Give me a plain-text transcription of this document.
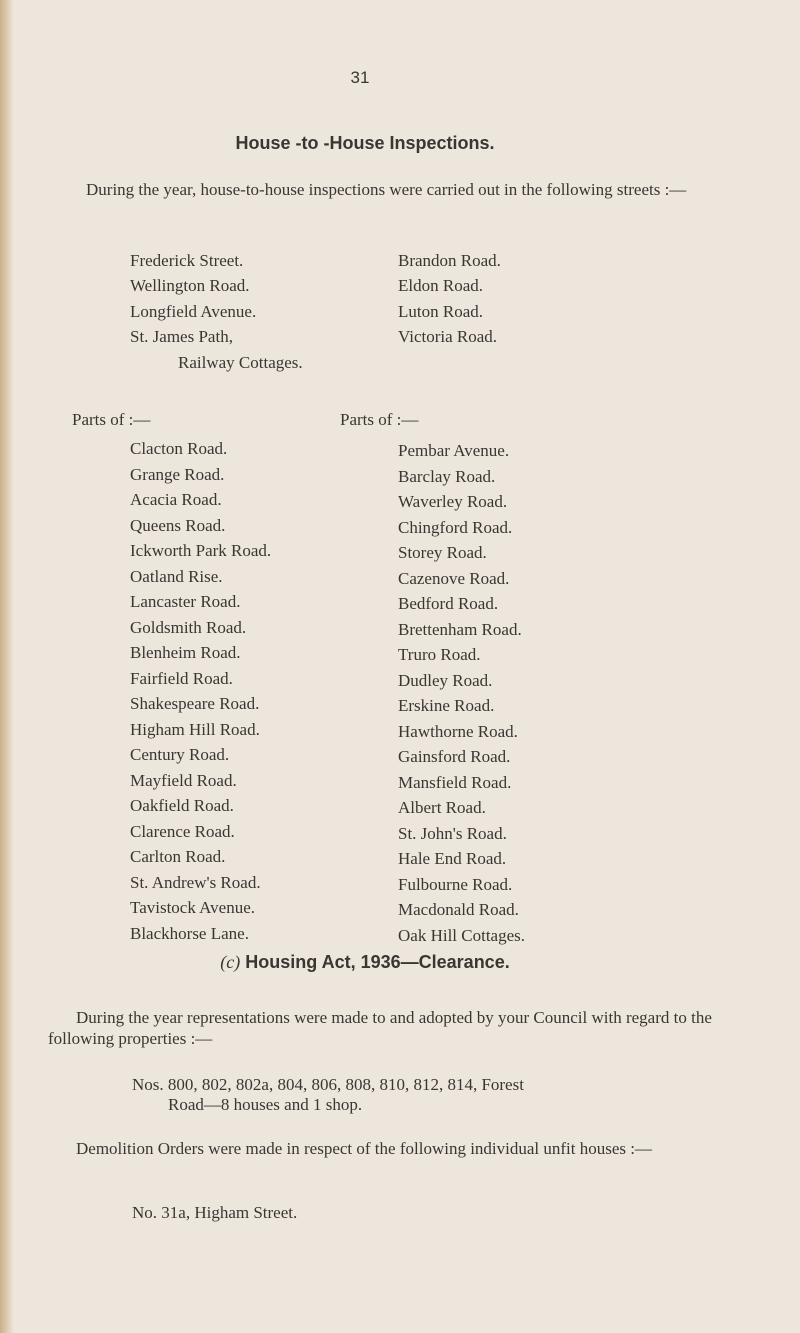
31
House -to -House Inspections.
During the year, house-to-house inspections were carried out in the following streets :—
Frederick Street.
Wellington Road.
Longfield Avenue.
St. James Path,
Railway Cottages.
Brandon Road.
Eldon Road.
Luton Road.
Victoria Road.
Parts of :—	Parts of :—
Clacton Road.
Grange Road.
Acacia Road.
Queens Road.
Ickworth Park Road.
Oatland Rise.
Lancaster Road.
Goldsmith Road.
Blenheim Road.
Fairfield Road.
Shakespeare Road.
Higham Hill Road.
Century Road.
Mayfield Road.
Oakfield Road.
Clarence Road.
Carlton Road.
St. Andrew's Road.
Tavistock Avenue.
Blackhorse Lane.
Pembar Avenue.
Barclay Road.
Waverley Road.
Chingford Road.
Storey Road.
Cazenove Road.
Bedford Road.
Brettenham Road.
Truro Road.
Dudley Road.
Erskine Road.
Hawthorne Road.
Gainsford Road.
Mansfield Road.
Albert Road.
St. John's Road.
Hale End Road.
Fulbourne Road.
Macdonald Road.
Oak Hill Cottages.
(c) Housing Act, 1936—Clearance.
During the year representations were made to and adopted by your Council with regard to the following properties :—
Nos. 800, 802, 802a, 804, 806, 808, 810, 812, 814, Forest
Road—8 houses and 1 shop.
Demolition Orders were made in respect of the following individual unfit houses :—
No. 31a, Higham Street.
